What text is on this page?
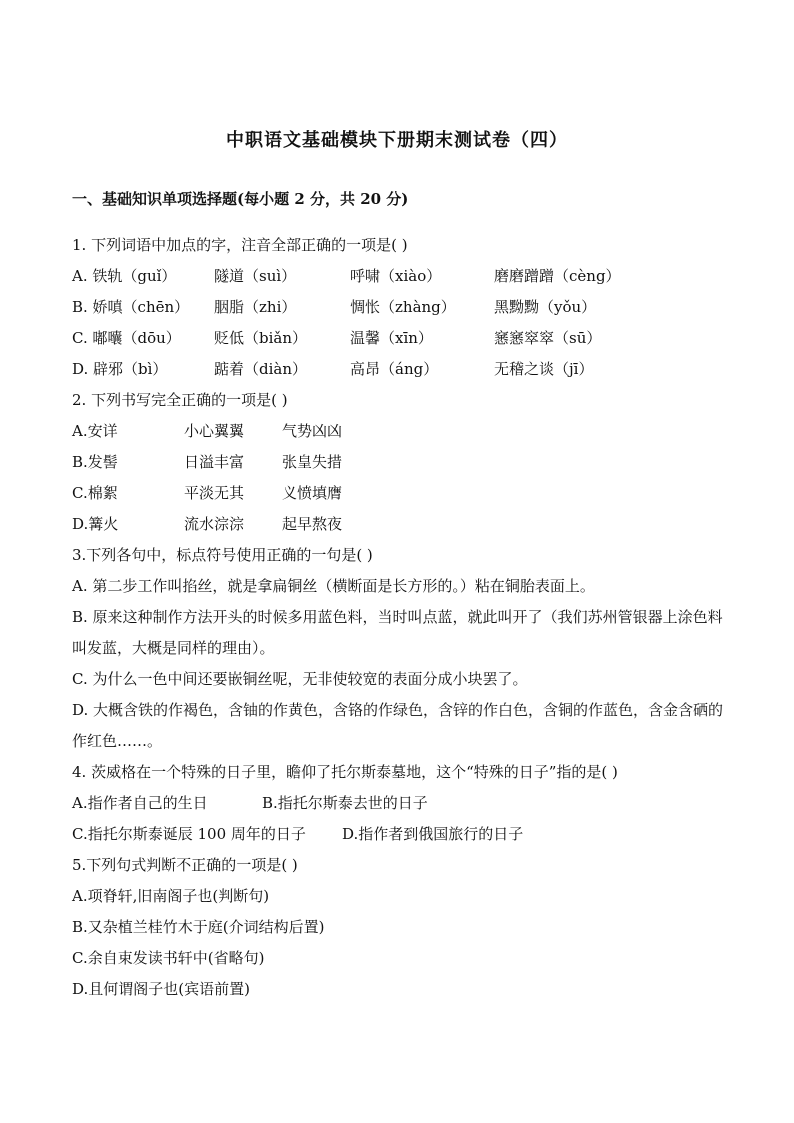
中职语文基础模块下册期末测试卷（四）
一、基础知识单项选择题(每小题 2 分，共 20 分)
1. 下列词语中加点的字，注音全部正确的一项是( )
A. 铁轨（guǐ）	隧道（suì）	呼啸（xiào）	磨磨蹭蹭（cèng）
B. 娇嗔（chēn）	胭脂（zhi）	惆怅（zhàng）	黑黝黝（yǒu）
C. 嘟囔（dōu）	贬低（biǎn）	温馨（xīn）	窸窸窣窣（sū）
D. 辟邪（bì）	踮着（diàn）	高昂（áng）	无稽之谈（jī）
2. 下列书写完全正确的一项是( )
A.安详	小心翼翼	气势凶凶
B.发髻	日溢丰富	张皇失措
C.棉絮	平淡无其	义愤填膺
D.篝火	流水淙淙	起早熬夜
3.下列各句中，标点符号使用正确的一句是( )
A. 第二步工作叫掐丝，就是拿扁铜丝（横断面是长方形的。）粘在铜胎表面上。
B. 原来这种制作方法开头的时候多用蓝色料，当时叫点蓝，就此叫开了（我们苏州管银器上涂色料叫发蓝，大概是同样的理由）。
C. 为什么一色中间还要嵌铜丝呢，无非使较宽的表面分成小块罢了。
D. 大概含铁的作褐色，含铀的作黄色，含铬的作绿色，含锌的作白色，含铜的作蓝色，含金含硒的作红色……。
4. 茨威格在一个特殊的日子里，瞻仰了托尔斯泰墓地，这个“特殊的日子”指的是( )
A.指作者自己的生日	B.指托尔斯泰去世的日子
C.指托尔斯泰诞辰 100 周年的日子	D.指作者到俄国旅行的日子
5.下列句式判断不正确的一项是( )
A.项脊轩,旧南阁子也(判断句)
B.又杂植兰桂竹木于庭(介词结构后置)
C.余自束发读书轩中(省略句)
D.且何谓阁子也(宾语前置)
